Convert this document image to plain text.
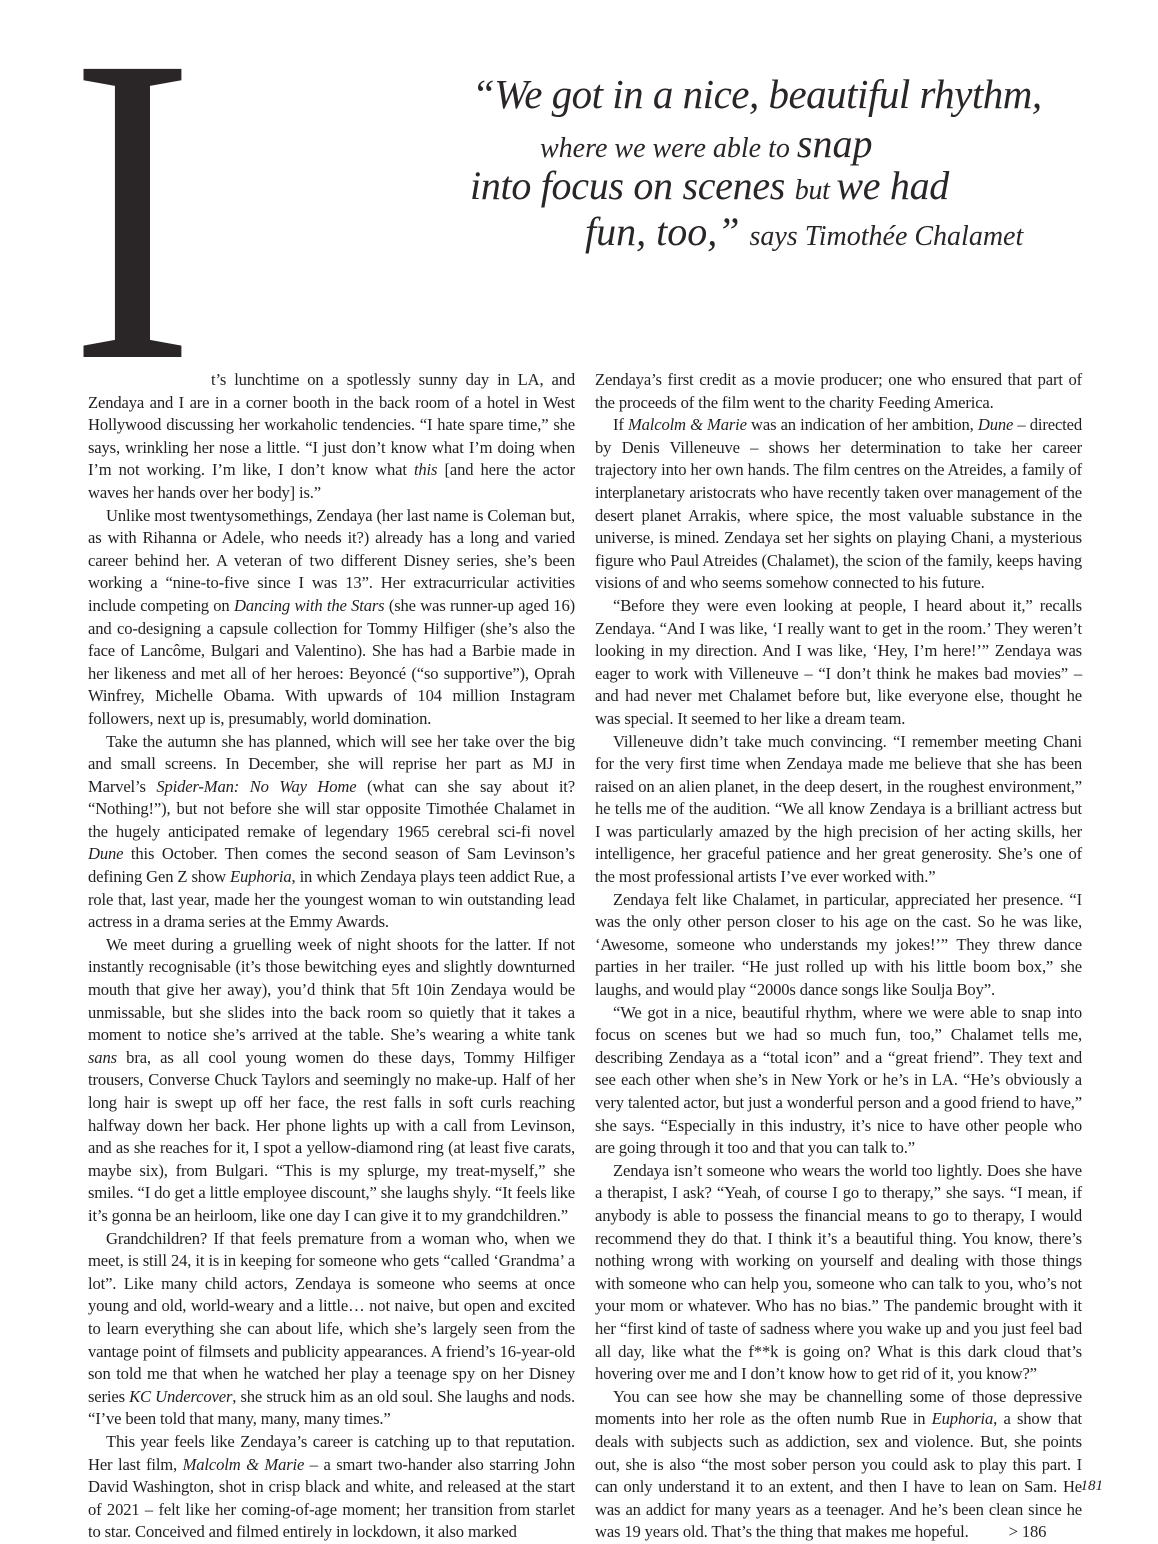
“We got in a nice, beautiful rhythm,
where we were able to snap
into focus on scenes but we had
fun, too,” says Timothée Chalamet
I t’s lunchtime on a spotlessly sunny day in LA, and Zendaya and I are in a corner booth in the back room of a hotel in West Hollywood discussing her workaholic tendencies. “I hate spare time,” she says, wrinkling her nose a little. “I just don’t know what I’m doing when I’m not working. I’m like, I don’t know what this [and here the actor waves her hands over her body] is.”

Unlike most twentysomethings, Zendaya (her last name is Coleman but, as with Rihanna or Adele, who needs it?) already has a long and varied career behind her. A veteran of two different Disney series, she’s been working a “nine-to-five since I was 13”. Her extracurricular activities include competing on Dancing with the Stars (she was runner-up aged 16) and co-designing a capsule collection for Tommy Hilfiger (she’s also the face of Lancôme, Bulgari and Valentino). She has had a Barbie made in her likeness and met all of her heroes: Beyoncé (“so supportive”), Oprah Winfrey, Michelle Obama. With upwards of 104 million Instagram followers, next up is, presumably, world domination.

Take the autumn she has planned, which will see her take over the big and small screens. In December, she will reprise her part as MJ in Marvel’s Spider-Man: No Way Home (what can she say about it? “Nothing!”), but not before she will star opposite Timothée Chalamet in the hugely anticipated remake of legendary 1965 cerebral sci-fi novel Dune this October. Then comes the second season of Sam Levinson’s defining Gen Z show Euphoria, in which Zendaya plays teen addict Rue, a role that, last year, made her the youngest woman to win outstanding lead actress in a drama series at the Emmy Awards.

We meet during a gruelling week of night shoots for the latter. If not instantly recognisable (it’s those bewitching eyes and slightly downturned mouth that give her away), you’d think that 5ft 10in Zendaya would be unmissable, but she slides into the back room so quietly that it takes a moment to notice she’s arrived at the table. She’s wearing a white tank sans bra, as all cool young women do these days, Tommy Hilfiger trousers, Converse Chuck Taylors and seemingly no make-up. Half of her long hair is swept up off her face, the rest falls in soft curls reaching halfway down her back. Her phone lights up with a call from Levinson, and as she reaches for it, I spot a yellow-diamond ring (at least five carats, maybe six), from Bulgari. “This is my splurge, my treat-myself,” she smiles. “I do get a little employee discount,” she laughs shyly. “It feels like it’s gonna be an heirloom, like one day I can give it to my grandchildren.”

Grandchildren? If that feels premature from a woman who, when we meet, is still 24, it is in keeping for someone who gets “called ‘Grandma’ a lot”. Like many child actors, Zendaya is someone who seems at once young and old, world-weary and a little… not naive, but open and excited to learn everything she can about life, which she’s largely seen from the vantage point of filmsets and publicity appearances. A friend’s 16-year-old son told me that when he watched her play a teenage spy on her Disney series KC Undercover, she struck him as an old soul. She laughs and nods. “I’ve been told that many, many, many times.”

This year feels like Zendaya’s career is catching up to that reputation. Her last film, Malcolm & Marie – a smart two-hander also starring John David Washington, shot in crisp black and white, and released at the start of 2021 – felt like her coming-of-age moment; her transition from starlet to star. Conceived and filmed entirely in lockdown, it also marked

Zendaya’s first credit as a movie producer; one who ensured that part of the proceeds of the film went to the charity Feeding America.

If Malcolm & Marie was an indication of her ambition, Dune – directed by Denis Villeneuve – shows her determination to take her career trajectory into her own hands. The film centres on the Atreides, a family of interplanetary aristocrats who have recently taken over management of the desert planet Arrakis, where spice, the most valuable substance in the universe, is mined. Zendaya set her sights on playing Chani, a mysterious figure who Paul Atreides (Chalamet), the scion of the family, keeps having visions of and who seems somehow connected to his future.

“Before they were even looking at people, I heard about it,” recalls Zendaya. “And I was like, ‘I really want to get in the room.’ They weren’t looking in my direction. And I was like, ‘Hey, I’m here!’” Zendaya was eager to work with Villeneuve – “I don’t think he makes bad movies” – and had never met Chalamet before but, like everyone else, thought he was special. It seemed to her like a dream team.

Villeneuve didn’t take much convincing. “I remember meeting Chani for the very first time when Zendaya made me believe that she has been raised on an alien planet, in the deep desert, in the roughest environment,” he tells me of the audition. “We all know Zendaya is a brilliant actress but I was particularly amazed by the high precision of her acting skills, her intelligence, her graceful patience and her great generosity. She’s one of the most professional artists I’ve ever worked with.”

Zendaya felt like Chalamet, in particular, appreciated her presence. “I was the only other person closer to his age on the cast. So he was like, ‘Awesome, someone who understands my jokes!’” They threw dance parties in her trailer. “He just rolled up with his little boom box,” she laughs, and would play “2000s dance songs like Soulja Boy”.

“We got in a nice, beautiful rhythm, where we were able to snap into focus on scenes but we had so much fun, too,” Chalamet tells me, describing Zendaya as a “total icon” and a “great friend”. They text and see each other when she’s in New York or he’s in LA. “He’s obviously a very talented actor, but just a wonderful person and a good friend to have,” she says. “Especially in this industry, it’s nice to have other people who are going through it too and that you can talk to.”

Zendaya isn’t someone who wears the world too lightly. Does she have a therapist, I ask? “Yeah, of course I go to therapy,” she says. “I mean, if anybody is able to possess the financial means to go to therapy, I would recommend they do that. I think it’s a beautiful thing. You know, there’s nothing wrong with working on yourself and dealing with those things with someone who can help you, someone who can talk to you, who’s not your mom or whatever. Who has no bias.” The pandemic brought with it her “first kind of taste of sadness where you wake up and you just feel bad all day, like what the f**k is going on? What is this dark cloud that’s hovering over me and I don’t know how to get rid of it, you know?”

You can see how she may be channelling some of those depressive moments into her role as the often numb Rue in Euphoria, a show that deals with subjects such as addiction, sex and violence. But, she points out, she is also “the most sober person you could ask to play this part. I can only understand it to an extent, and then I have to lean on Sam. He was an addict for many years as a teenager. And he’s been clean since he was 19 years old. That’s the thing that makes me hopeful. > 186

181
